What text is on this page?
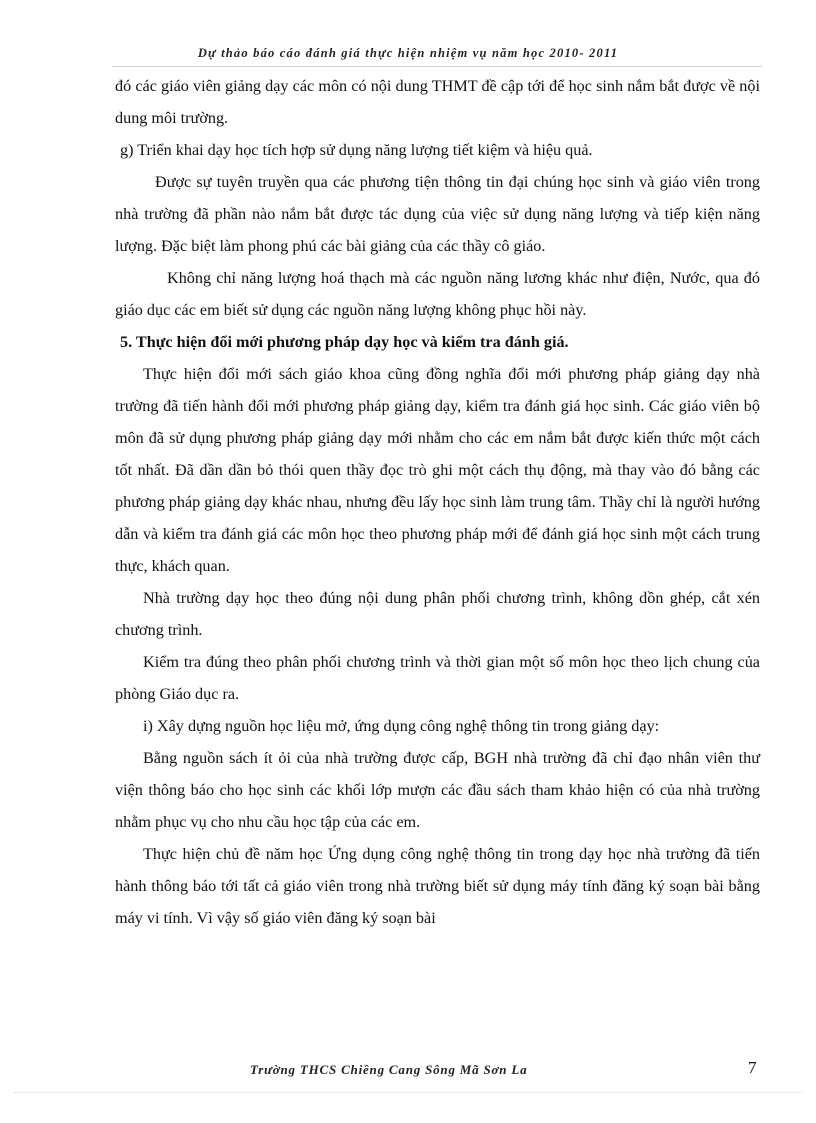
Dự thảo báo cáo đánh giá thực hiện nhiệm vụ năm học 2010- 2011

đó các giáo viên giảng dạy các môn có nội dung THMT đề cập tới để học sinh nắm bắt được về nội dung môi trường.

g) Triển khai dạy học tích hợp sử dụng năng lượng tiết kiệm và hiệu quả.

Được sự tuyên truyền qua các phương tiện thông tin đại chúng học sinh và giáo viên trong nhà trường đã phần nào nắm bắt được tác dụng của việc sử dụng năng lượng và tiếp kiện năng lượng. Đặc biệt làm phong phú các bài giảng của các thầy cô giáo.

Không chỉ năng lượng hoá thạch mà các nguồn năng lương khác như điện, Nước, qua đó giáo dục các em biết sử dụng các nguồn năng lượng không phục hồi này.

5. Thực hiện đổi mới phương pháp dạy học và kiểm tra đánh giá.

Thực hiện đổi mới sách giáo khoa cũng đồng nghĩa đổi mới phương pháp giảng dạy nhà trường đã tiến hành đổi mới phương pháp giảng dạy, kiểm tra đánh giá học sinh. Các giáo viên bộ môn đã sử dụng phương pháp giảng dạy mới nhằm cho các em nắm bắt được kiến thức một cách tốt nhất. Đã dần dần bỏ thói quen thầy đọc trò ghi một cách thụ động, mà thay vào đó bằng các phương pháp giảng dạy khác nhau, nhưng đều lấy học sinh làm trung tâm. Thầy chỉ là người hướng dẫn và kiểm tra đánh giá các môn học theo phương pháp mới để đánh giá học sinh một cách trung thực, khách quan.

Nhà trường dạy học theo đúng nội dung phân phối chương trình, không dồn ghép, cắt xén chương trình.

Kiểm tra đúng theo phân phối chương trình và thời gian một số môn học theo lịch chung của phòng Giáo dục ra.

i) Xây dựng nguồn học liệu mở, ứng dụng công nghệ thông tin trong giảng dạy:

Bằng nguồn sách ít ỏi của nhà trường được cấp, BGH nhà trường đã chỉ đạo nhân viên thư viện thông báo cho học sinh các khối lớp mượn các đầu sách tham khảo hiện có của nhà trường nhằm phục vụ cho nhu cầu học tập của các em.

Thực hiện chủ đề năm học Ứng dụng công nghệ thông tin trong dạy học nhà trường đã tiến hành thông báo tới tất cả giáo viên trong nhà trường biết sử dụng máy tính đăng ký soạn bài bằng máy vi tính. Vì vậy số giáo viên đăng ký soạn bài

Trường THCS Chiềng Cang Sông Mã Sơn La	7
